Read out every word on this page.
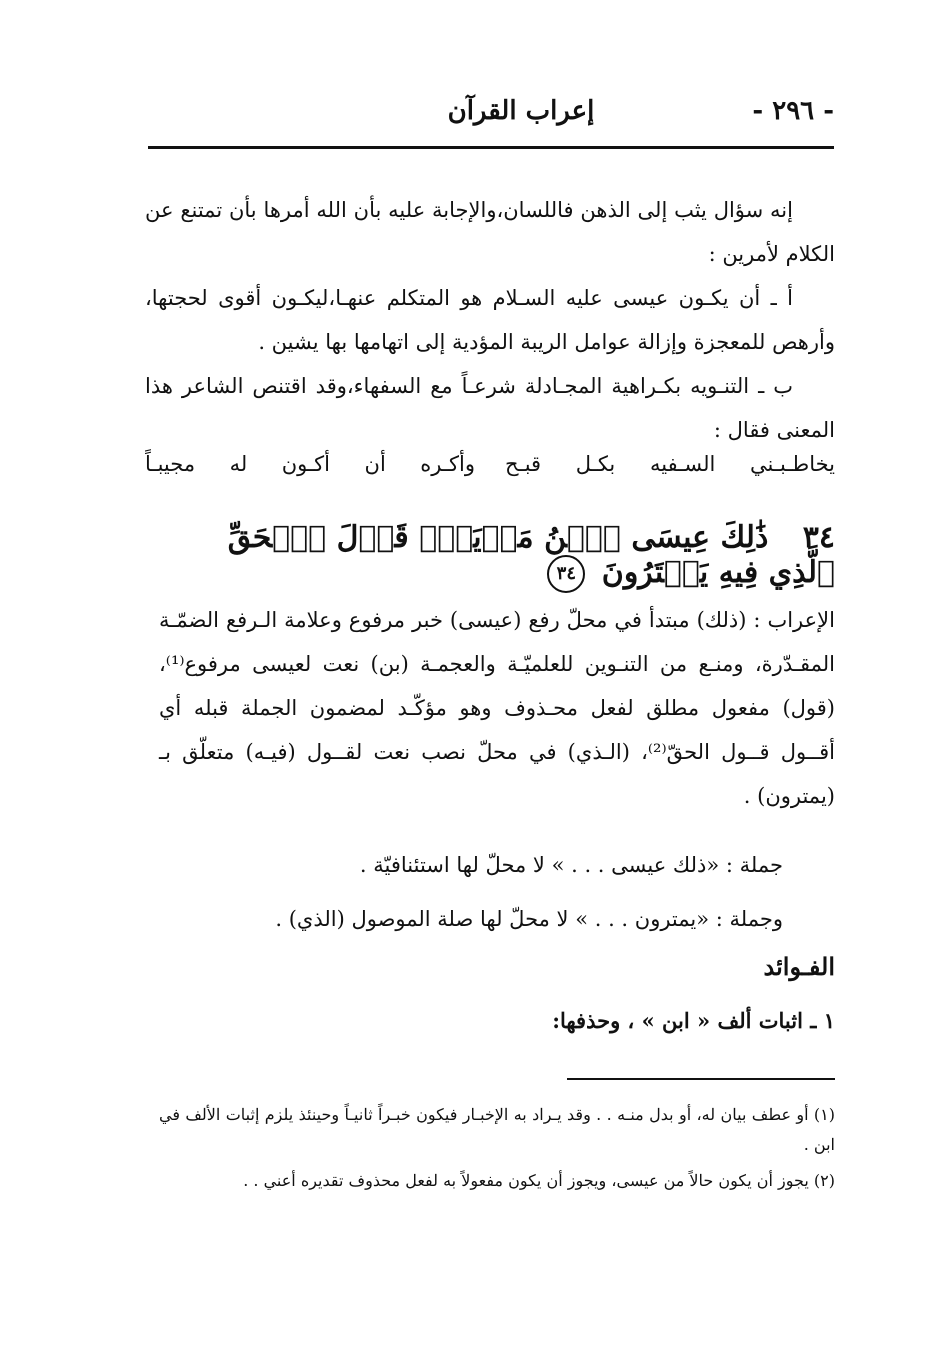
- ٢٩٦ -
إعراب القرآن

إنه سؤال يثب إلى الذهن فاللسان،والإجابة عليه بأن الله أمرها بأن تمتنع عن الكلام لأمرين :

أ ـ أن يكـون عيسى عليه السـلام هو المتكلم عنهـا،ليكـون أقوى لحجتها، وأرهص للمعجزة وإزالة عوامل الريبة المؤدية إلى اتهامها بها يشين .

ب ـ التنـويه بكـراهية المجـادلة شرعـاً مع السفهاء،وقد اقتنص الشاعر هذا المعنى فقال :

يخاطـبـني
السـفيه
بكـل
قبـح
وأكـره
أن
أكـون
له
مجيبـاً
٣٤ ذَٰلِكَ عِيسَى ٱبۡنُ مَرۡيَمَۚ قَوۡلَ ٱلۡحَقِّ ٱلَّذِي فِيهِ يَمۡتَرُونَ ٣٤
الإعراب : (ذلك) مبتدأ في محلّ رفع (عيسى) خبر مرفوع وعلامة الـرفع الضمّـة المقـدّرة، ومنـع من التنـوين للعلميّـة والعجمـة (بن) نعت لعيسى مرفوع⁽¹⁾، (قول) مفعول مطلق لفعل محـذوف وهو مؤكّـد لمضمون الجملة قبله أي أقــول قــول الحقّ⁽²⁾، (الـذي) في محلّ نصب نعت لقــول (فيـه) متعلّق بـ (يمترون) .

جملة : «ذلك عيسى . . . » لا محلّ لها استئنافيّة .

وجملة : «يمترون . . . » لا محلّ لها صلة الموصول (الذي) .

الفـوائد
١ ـ اثبات ألف « ابن » ، وحذفها:

(١) أو عطف بيان له، أو بدل منـه . . وقد يـراد به الإخبـار فيكون خبـراً ثانيـاً وحينئذ يلزم إثبات الألف في ابن .

(٢) يجوز أن يكون حالاً من عيسى، ويجوز أن يكون مفعولاً به لفعل محذوف تقديره أعني . .
